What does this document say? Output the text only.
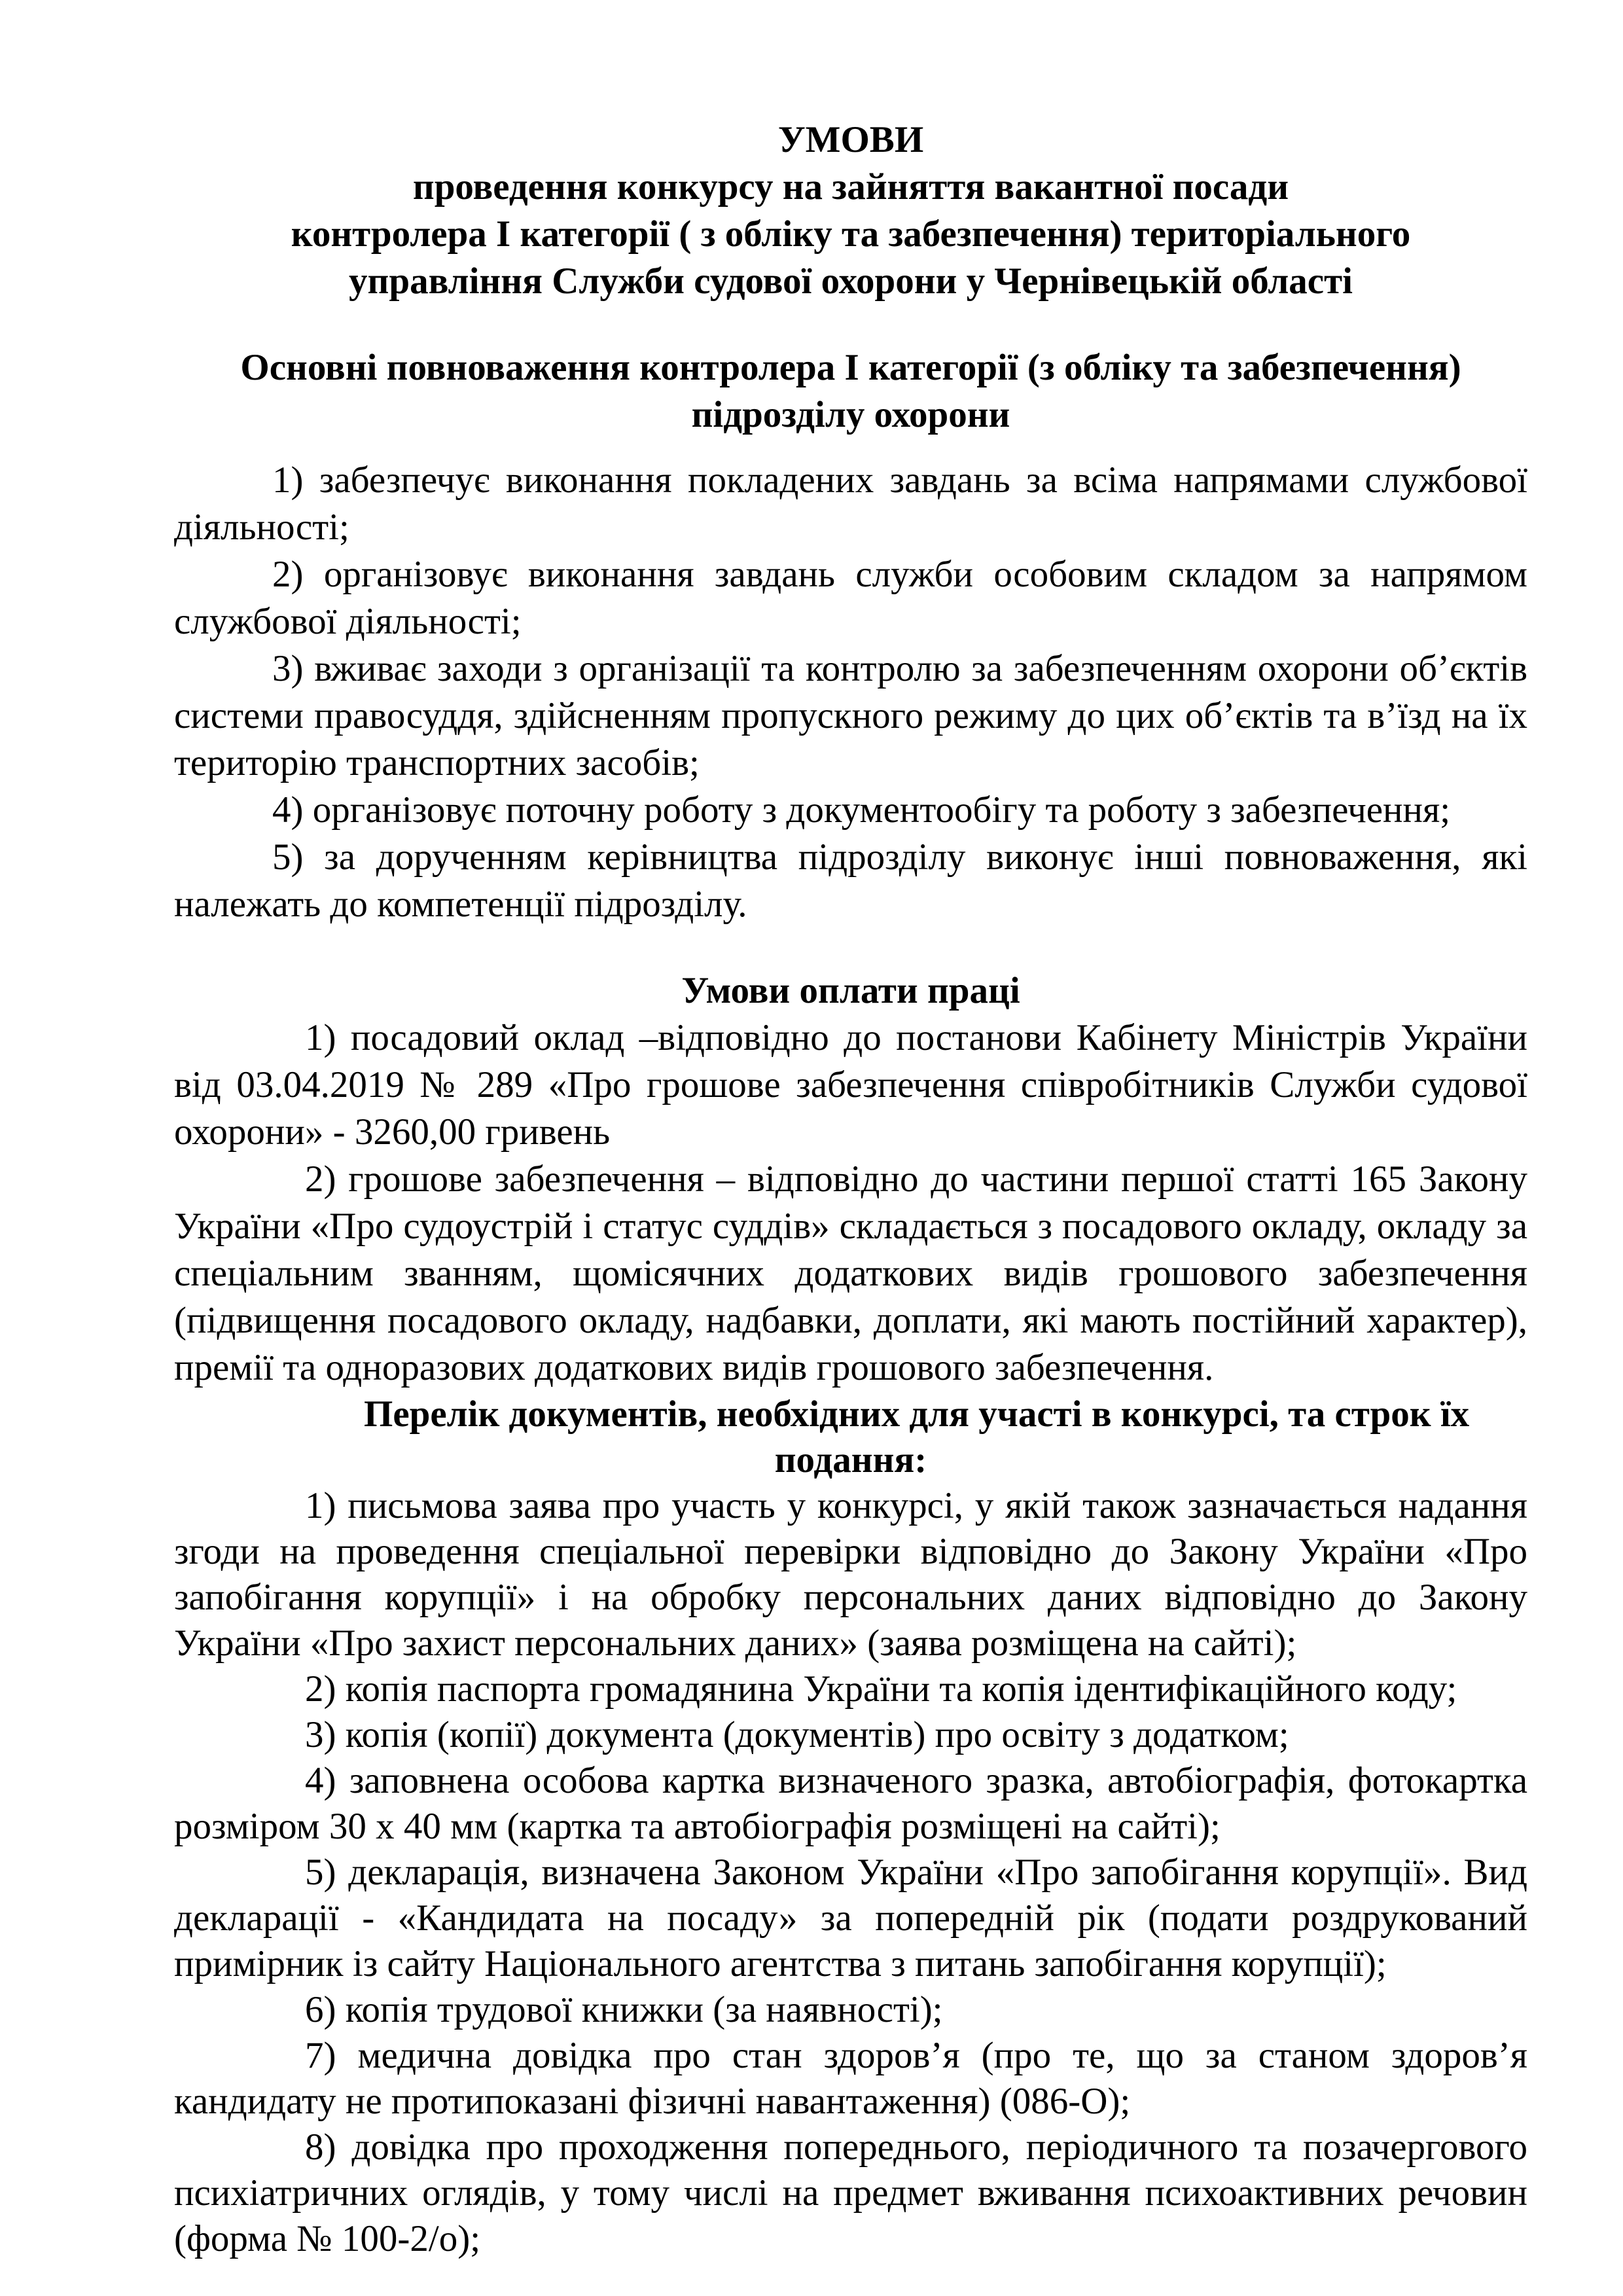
УМОВИ
проведення конкурсу на зайняття вакантної посади
контролера І категорії ( з обліку та забезпечення) територіального
управління Служби судової охорони у Чернівецькій області
Основні повноваження контролера І категорії (з обліку та забезпечення)
підрозділу охорони

1) забезпечує виконання покладених завдань за всіма напрямами службової діяльності;

2) організовує виконання завдань служби особовим складом за напрямом службової діяльності;

3) вживає заходи з організації та контролю за забезпеченням охорони об’єктів системи правосуддя, здійсненням пропускного режиму до цих об’єктів та в’їзд на їх територію транспортних засобів;

4) організовує поточну роботу з документообігу та роботу з забезпечення;

5) за дорученням керівництва підрозділу виконує інші повноваження, які належать до компетенції підрозділу.

Умови оплати праці

1) посадовий оклад –відповідно до постанови Кабінету Міністрів України від 03.04.2019 № 289 «Про грошове забезпечення співробітників Служби судової охорони» - 3260,00 гривень

2) грошове забезпечення – відповідно до частини першої статті 165 Закону України «Про судоустрій і статус суддів» складається з посадового окладу, окладу за спеціальним званням, щомісячних додаткових видів грошового забезпечення (підвищення посадового окладу, надбавки, доплати, які мають постійний характер), премії та одноразових додаткових видів грошового забезпечення.

Перелік документів, необхідних для участі в конкурсі, та строк їх
подання:

1) письмова заява про участь у конкурсі, у якій також зазначається надання згоди на проведення спеціальної перевірки відповідно до Закону України «Про запобігання корупції» і на обробку персональних даних відповідно до Закону України «Про захист персональних даних» (заява розміщена на сайті);

2) копія паспорта громадянина України та копія ідентифікаційного коду;

3) копія (копії) документа (документів) про освіту з додатком;

4) заповнена особова картка визначеного зразка, автобіографія, фотокартка розміром 30 х 40 мм (картка та автобіографія розміщені на сайті);

5) декларація, визначена Законом України «Про запобігання корупції». Вид декларації - «Кандидата на посаду» за попередній рік (подати роздрукований примірник із сайту Національного агентства з питань запобігання корупції);

6) копія трудової книжки (за наявності);

7) медична довідка про стан здоров’я (про те, що за станом здоров’я кандидату не протипоказані фізичні навантаження) (086-О);

8) довідка про проходження попереднього, періодичного та позачергового психіатричних оглядів, у тому числі на предмет вживання психоактивних речовин (форма № 100-2/о);
